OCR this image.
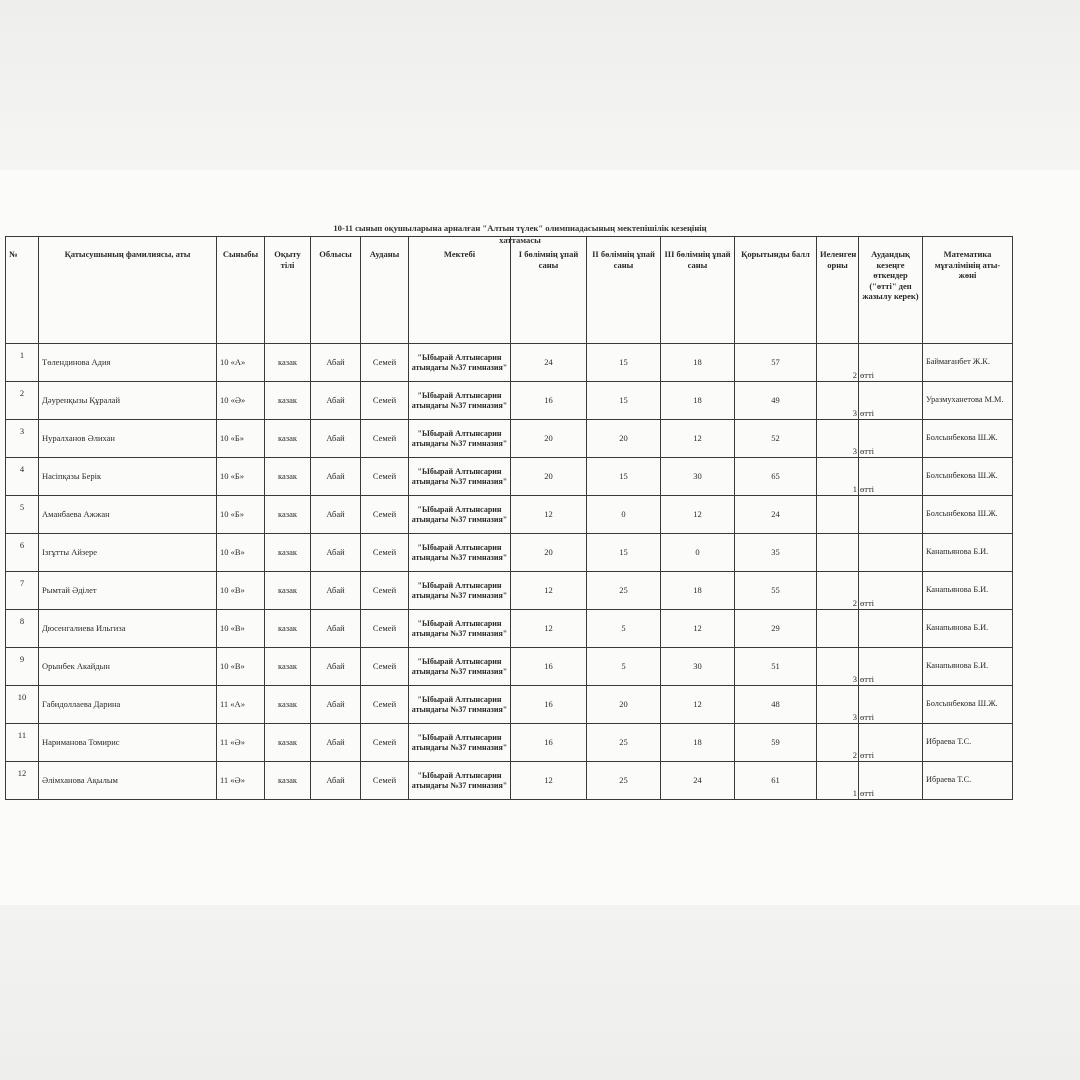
10-11 сынып оқушыларына арналған "Алтын түлек" олимпиадасының мектепішілік кезеңінің
хаттамасы
№	Қатысушының фамилиясы, аты	Сыныбы	Оқыту тілі	Облысы	Ауданы	Мектебі	І бөлімнің ұпай саны	ІІ бөлімнің ұпай саны	ІІІ бөлімнің ұпай саны	Қорытынды балл	Иеленген орны	Аудандық кезеңге өткендер ("өтті" деп жазылу керек)	Математика мұғалімінің аты-жөні
1	Төлендинова Адия	10 «А»	казак	Абай	Семей	"Ыбырай Алтынсарин атындағы №37 гимназия"	24	15	18	57	2	өтті	Баймағанбет Ж.К.
2	Дәуренқызы Құралай	10 «Ә»	казак	Абай	Семей	"Ыбырай Алтынсарин атындағы №37 гимназия"	16	15	18	49	3	өтті	Уразмуханетова М.М.
3	Нуралханов Әлихан	10 «Б»	казак	Абай	Семей	"Ыбырай Алтынсарин атындағы №37 гимназия"	20	20	12	52	3	өтті	Болсынбекова Ш.Ж.
4	Насіпқазы Берік	10 «Б»	казак	Абай	Семей	"Ыбырай Алтынсарин атындағы №37 гимназия"	20	15	30	65	1	өтті	Болсынбекова Ш.Ж.
5	Аманбаева Ажжан	10 «Б»	казак	Абай	Семей	"Ыбырай Алтынсарин атындағы №37 гимназия"	12	0	12	24			Болсынбекова Ш.Ж.
6	Ізгұтты Айзере	10 «В»	казак	Абай	Семей	"Ыбырай Алтынсарин атындағы №37 гимназия"	20	15	0	35			Канапьянова Б.И.
7	Рымтай Әділет	10 «В»	казак	Абай	Семей	"Ыбырай Алтынсарин атындағы №37 гимназия"	12	25	18	55	2	өтті	Канапьянова Б.И.
8	Дюсенгалиева Ильгиза	10 «В»	казак	Абай	Семей	"Ыбырай Алтынсарин атындағы №37 гимназия"	12	5	12	29			Канапьянова Б.И.
9	Орынбек Акайдын	10 «В»	казак	Абай	Семей	"Ыбырай Алтынсарин атындағы №37 гимназия"	16	5	30	51	3	өтті	Канапьянова Б.И.
10	Габидоллаева Дарина	11 «А»	казак	Абай	Семей	"Ыбырай Алтынсарин атындағы №37 гимназия"	16	20	12	48	3	өтті	Болсынбекова Ш.Ж.
11	Нариманова Томирис	11 «Ә»	казак	Абай	Семей	"Ыбырай Алтынсарин атындағы №37 гимназия"	16	25	18	59	2	өтті	Ибраева Т.С.
12	Әлімханова Ақылым	11 «Ә»	казак	Абай	Семей	"Ыбырай Алтынсарин атындағы №37 гимназия"	12	25	24	61	1	өтті	Ибраева Т.С.
